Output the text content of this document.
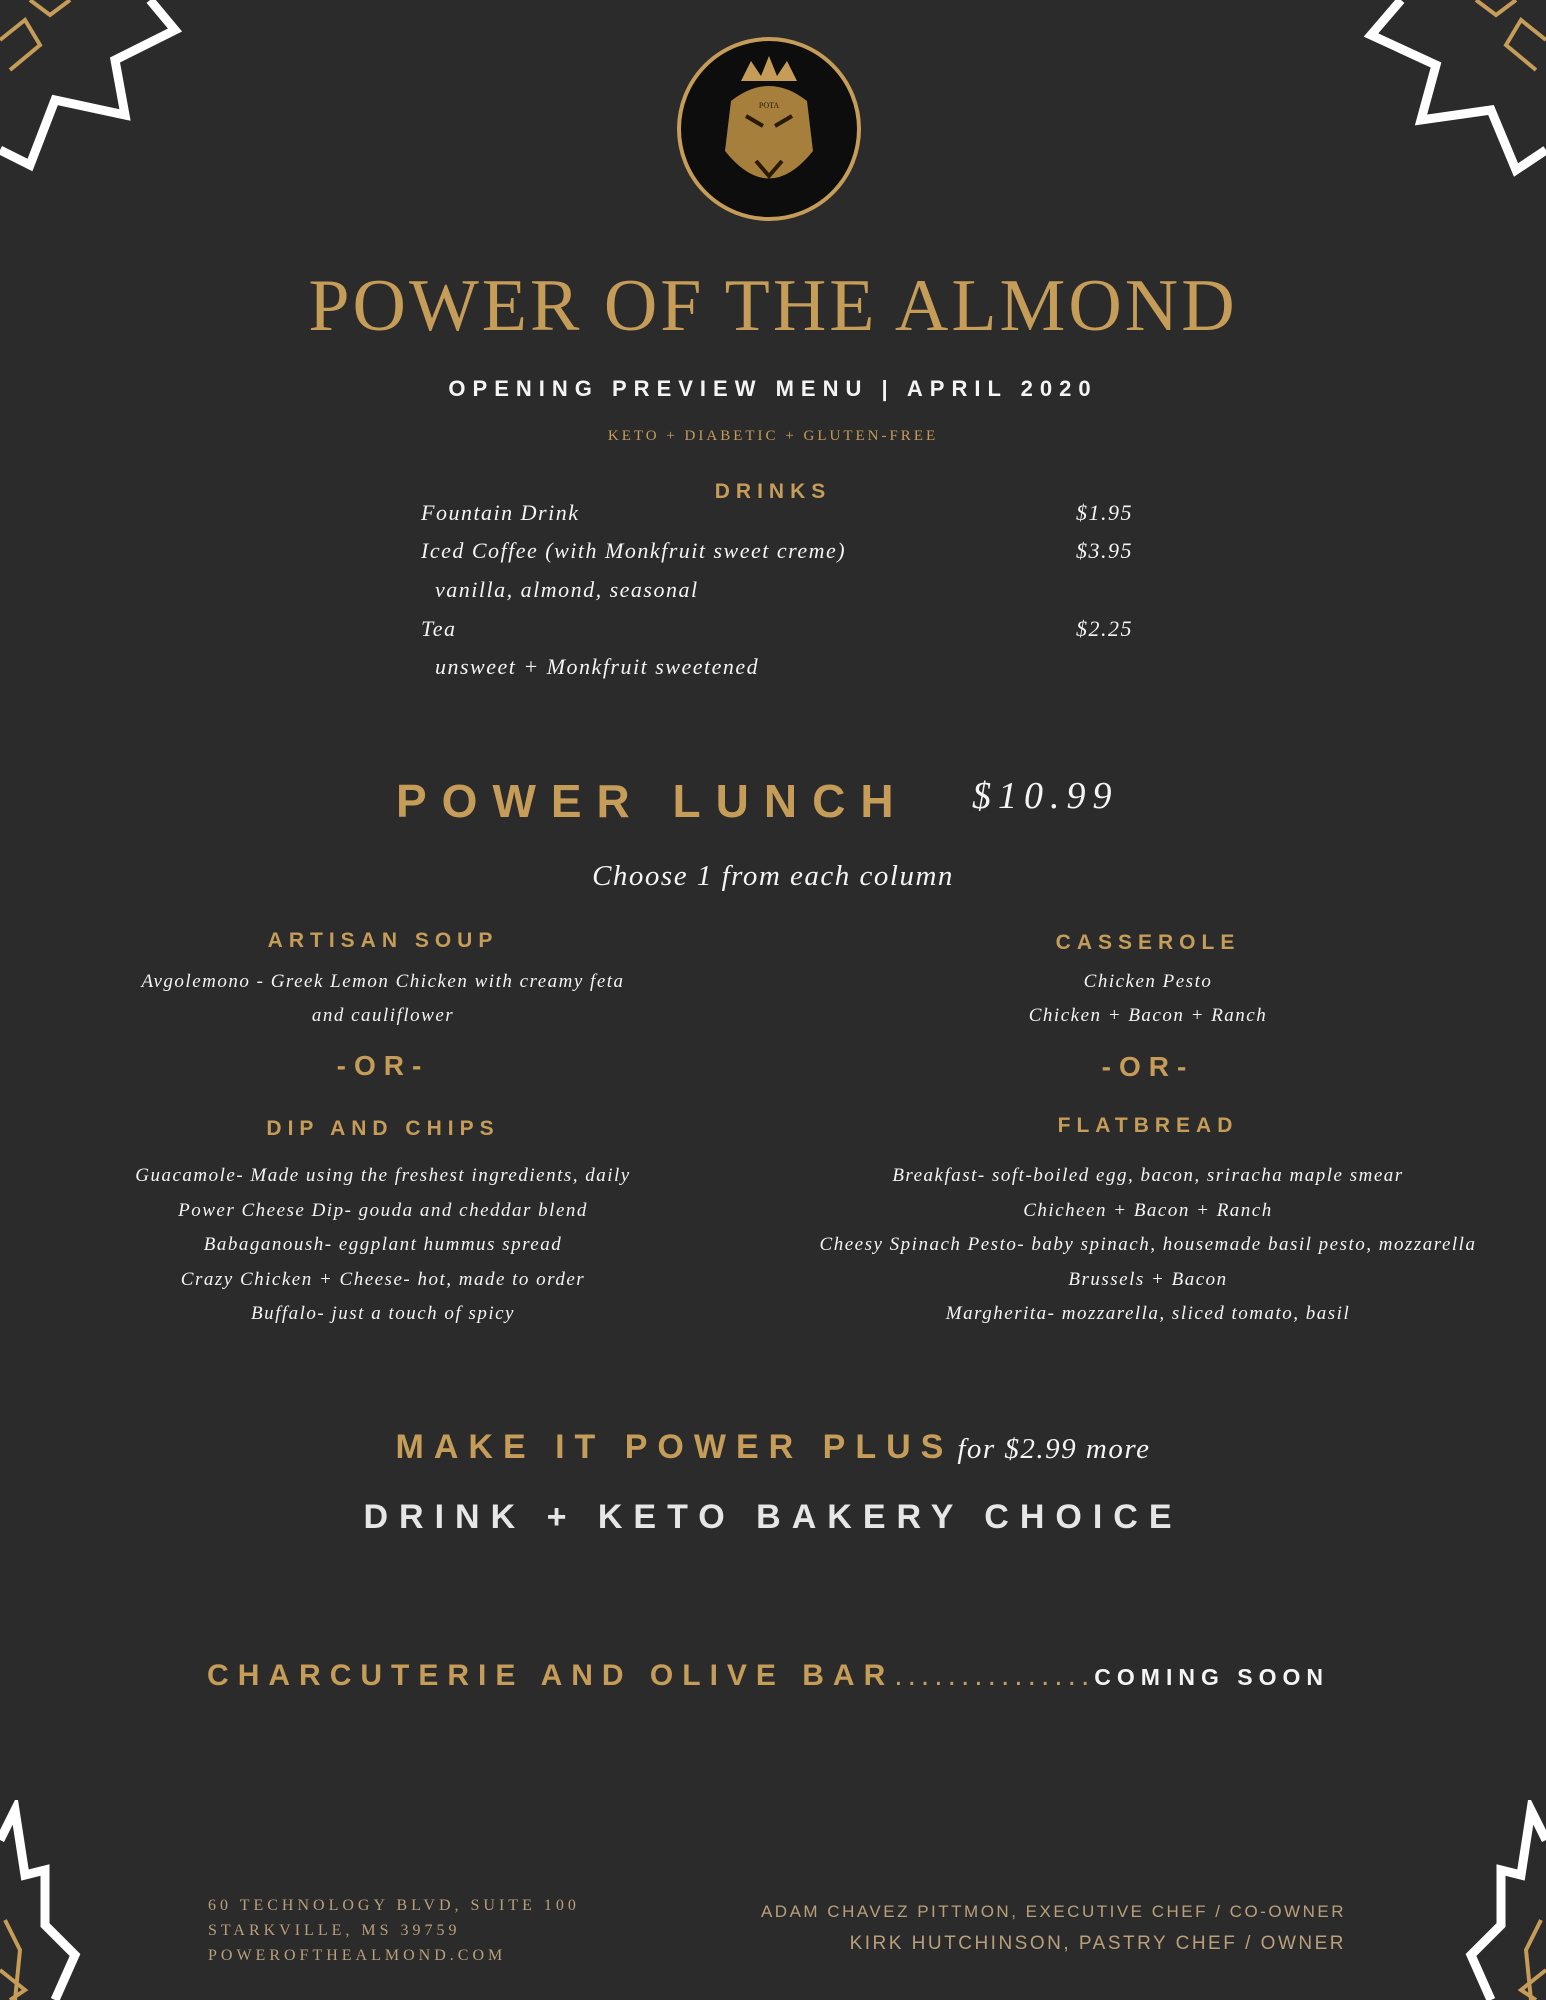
POTA
POWER OF THE ALMOND
OPENING PREVIEW MENU | APRIL 2020
KETO + DIABETIC + GLUTEN-FREE
DRINKS
Fountain Drink	$1.95
Iced Coffee (with Monkfruit sweet creme)	$3.95
vanilla, almond, seasonal
Tea	$2.25
unsweet + Monkfruit sweetened
POWER LUNCH $10.99
Choose 1 from each column
ARTISAN SOUP
Avgolemono - Greek Lemon Chicken with creamy feta
and cauliflower
-OR-
DIP AND CHIPS
Guacamole- Made using the freshest ingredients, daily
Power Cheese Dip- gouda and cheddar blend
Babaganoush- eggplant hummus spread
Crazy Chicken + Cheese- hot, made to order
Buffalo- just a touch of spicy
CASSEROLE
Chicken Pesto
Chicken + Bacon + Ranch
-OR-
FLATBREAD
Breakfast- soft-boiled egg, bacon, sriracha maple smear
Chicheen + Bacon + Ranch
Cheesy Spinach Pesto- baby spinach, housemade basil pesto, mozzarella
Brussels + Bacon
Margherita- mozzarella, sliced tomato, basil
MAKE IT POWER PLUS for $2.99 more
DRINK + KETO BAKERY CHOICE
CHARCUTERIE AND OLIVE BAR...............COMING SOON
60 TECHNOLOGY BLVD, SUITE 100
STARKVILLE, MS 39759
POWEROFTHEALMOND.COM
ADAM CHAVEZ PITTMON, EXECUTIVE CHEF / CO-OWNER
KIRK HUTCHINSON, PASTRY CHEF / OWNER
